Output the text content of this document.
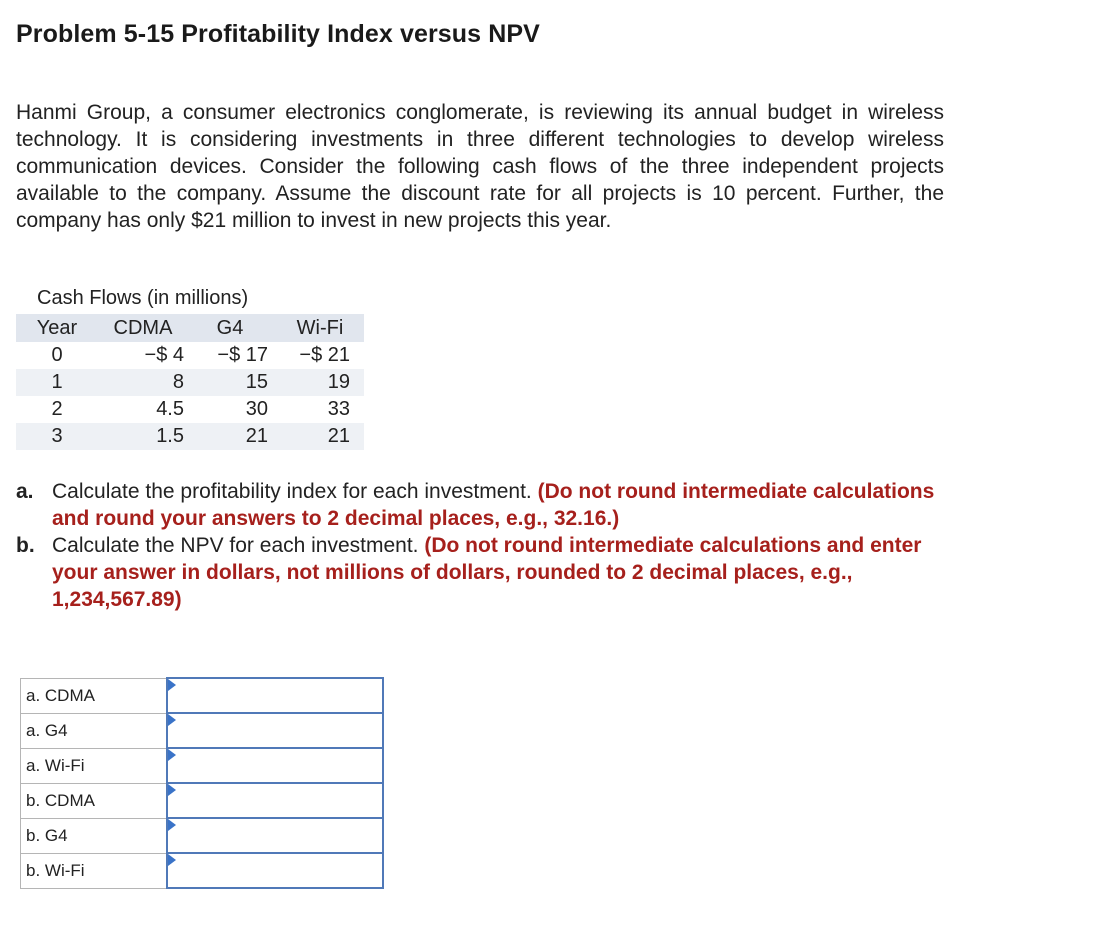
Problem 5-15 Profitability Index versus NPV

Hanmi Group, a consumer electronics conglomerate, is reviewing its annual budget in wireless technology. It is considering investments in three different technologies to develop wireless communication devices. Consider the following cash flows of the three independent projects available to the company. Assume the discount rate for all projects is 10 percent. Further, the company has only $21 million to invest in new projects this year.

Cash Flows (in millions)
Year	CDMA	G4	Wi-Fi
0	−$ 4	−$ 17	−$ 21
1	8	15	19
2	4.5	30	33
3	1.5	21	21
a. Calculate the profitability index for each investment. (Do not round intermediate calculations and round your answers to 2 decimal places, e.g., 32.16.)
b. Calculate the NPV for each investment. (Do not round intermediate calculations and enter your answer in dollars, not millions of dollars, rounded to 2 decimal places, e.g., 1,234,567.89)
a. CDMA	

a. G4	

a. Wi-Fi	

b. CDMA	

b. G4	

b. Wi-Fi	
